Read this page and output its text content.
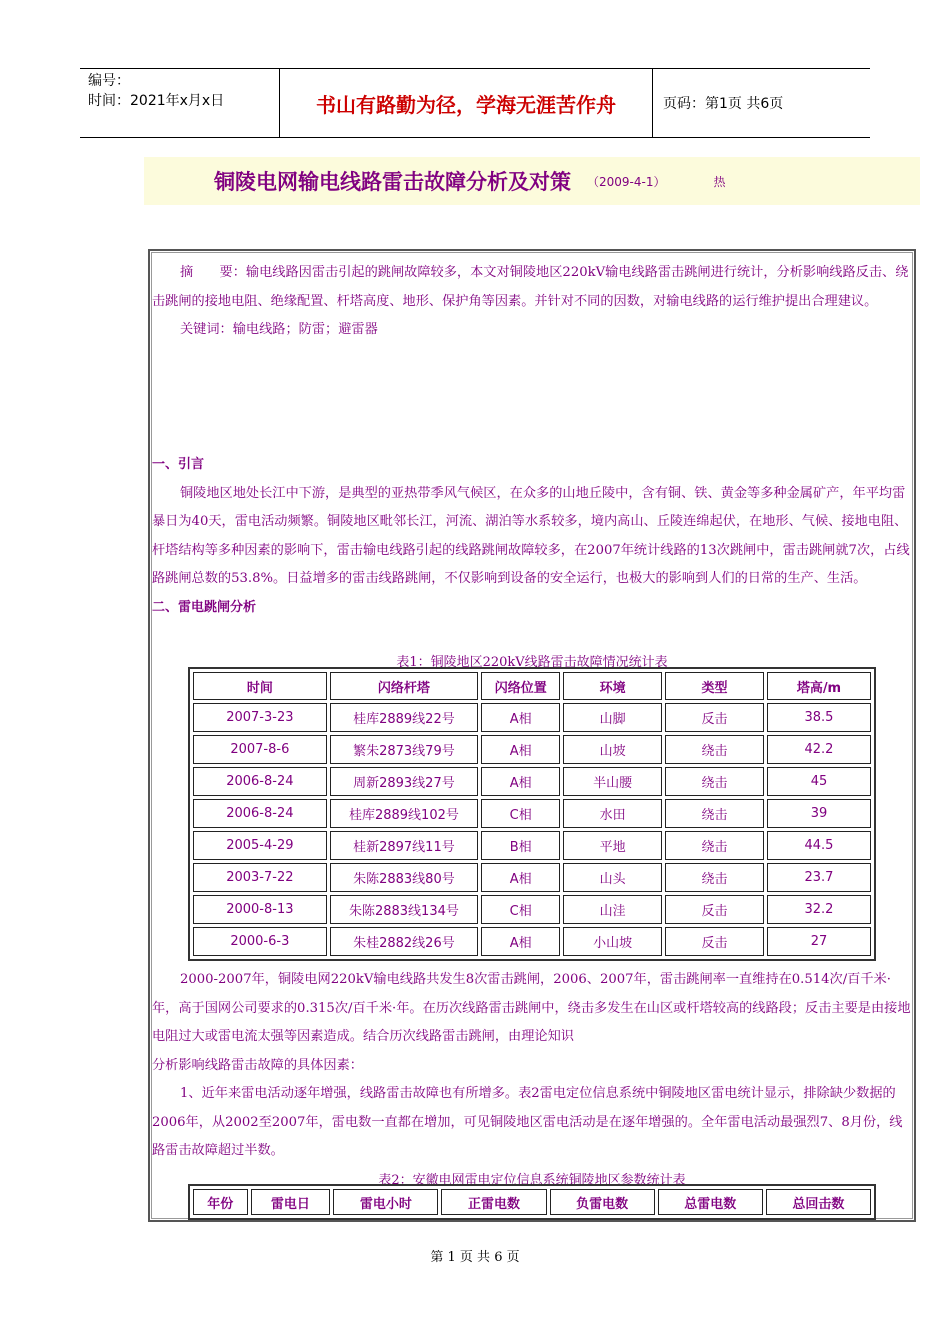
编号：
时间：2021年x月x日	书山有路勤为径，学海无涯苦作舟	页码：第1页 共6页
铜陵电网输电线路雷击故障分析及对策 （2009-4-1）	热

摘　　要：输电线路因雷击引起的跳闸故障较多，本文对铜陵地区220kV输电线路雷击跳闸进行统计，分析影响线路反击、绕击跳闸的接地电阻、绝缘配置、杆塔高度、地形、保护角等因素。并针对不同的因数，对输电线路的运行维护提出合理建议。

关键词：输电线路；防雷；避雷器

一、引言

铜陵地区地处长江中下游，是典型的亚热带季风气候区，在众多的山地丘陵中，含有铜、铁、黄金等多种金属矿产，年平均雷暴日为40天，雷电活动频繁。铜陵地区毗邻长江，河流、湖泊等水系较多，境内高山、丘陵连绵起伏，在地形、气候、接地电阻、杆塔结构等多种因素的影响下，雷击输电线路引起的线路跳闸故障较多，在2007年统计线路的13次跳闸中，雷击跳闸就7次，占线路跳闸总数的53.8%。日益增多的雷击线路跳闸，不仅影响到设备的安全运行，也极大的影响到人们的日常的生产、生活。

二、雷电跳闸分析

表1：铜陵地区220kV线路雷击故障情况统计表
时间	闪络杆塔	闪络位置	环境	类型	塔高/m
2007-3-23	桂库2889线22号	A相	山脚	反击	38.5
2007-8-6	繁朱2873线79号	A相	山坡	绕击	42.2
2006-8-24	周新2893线27号	A相	半山腰	绕击	45
2006-8-24	桂库2889线102号	C相	水田	绕击	39
2005-4-29	桂新2897线11号	B相	平地	绕击	44.5
2003-7-22	朱陈2883线80号	A相	山头	绕击	23.7
2000-8-13	朱陈2883线134号	C相	山洼	反击	32.2
2000-6-3	朱桂2882线26号	A相	小山坡	反击	27

2000-2007年，铜陵电网220kV输电线路共发生8次雷击跳闸，2006、2007年，雷击跳闸率一直维持在0.514次/百千米·年，高于国网公司要求的0.315次/百千米·年。在历次线路雷击跳闸中，绕击多发生在山区或杆塔较高的线路段；反击主要是由接地电阻过大或雷电流太强等因素造成。结合历次线路雷击跳闸，由理论知识

分析影响线路雷击故障的具体因素：

1、近年来雷电活动逐年增强，线路雷击故障也有所增多。表2雷电定位信息系统中铜陵地区雷电统计显示，排除缺少数据的2006年，从2002至2007年，雷电数一直都在增加，可见铜陵地区雷电活动是在逐年增强的。全年雷电活动最强烈7、8月份，线路雷击故障超过半数。

表2：安徽电网雷电定位信息系统铜陵地区参数统计表
年份	雷电日	雷电小时	正雷电数	负雷电数	总雷电数	总回击数
第 1 页 共 6 页
